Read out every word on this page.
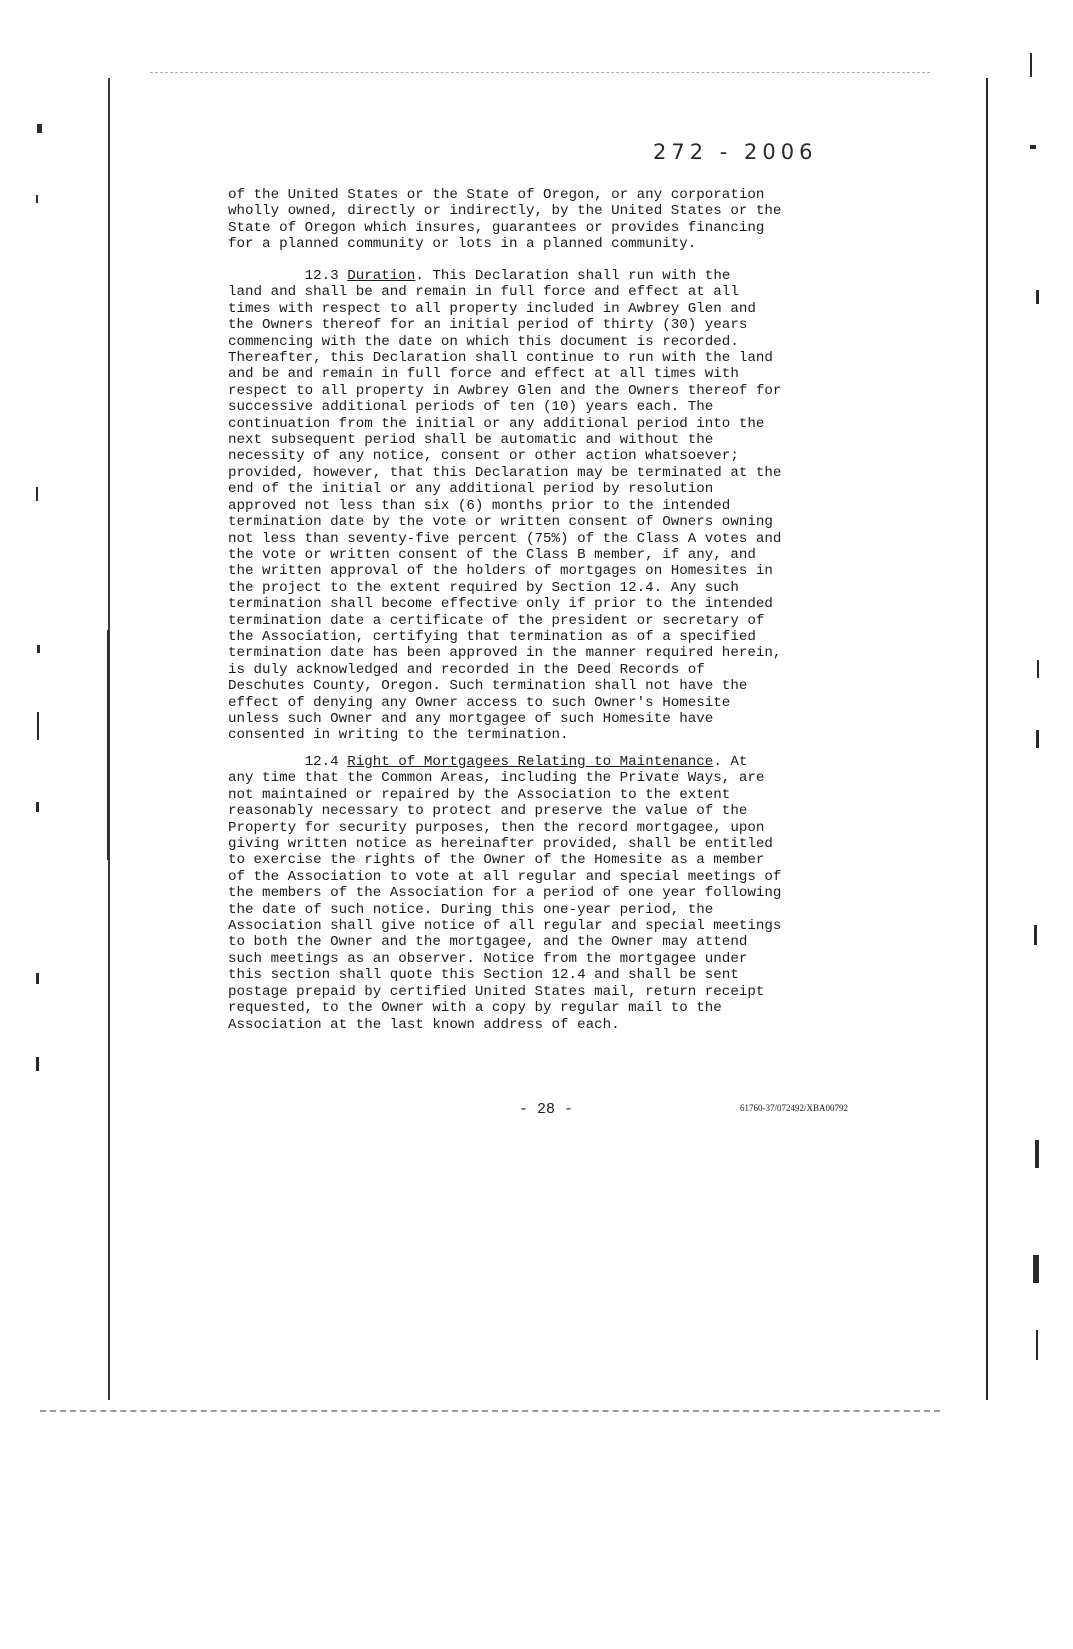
272 - 2006
of the United States or the State of Oregon, or any corporation
wholly owned, directly or indirectly, by the United States or the
State of Oregon which insures, guarantees or provides financing
for a planned community or lots in a planned community.
12.3 Duration. This Declaration shall run with the
land and shall be and remain in full force and effect at all
times with respect to all property included in Awbrey Glen and
the Owners thereof for an initial period of thirty (30) years
commencing with the date on which this document is recorded.
Thereafter, this Declaration shall continue to run with the land
and be and remain in full force and effect at all times with
respect to all property in Awbrey Glen and the Owners thereof for
successive additional periods of ten (10) years each. The
continuation from the initial or any additional period into the
next subsequent period shall be automatic and without the
necessity of any notice, consent or other action whatsoever;
provided, however, that this Declaration may be terminated at the
end of the initial or any additional period by resolution
approved not less than six (6) months prior to the intended
termination date by the vote or written consent of Owners owning
not less than seventy-five percent (75%) of the Class A votes and
the vote or written consent of the Class B member, if any, and
the written approval of the holders of mortgages on Homesites in
the project to the extent required by Section 12.4. Any such
termination shall become effective only if prior to the intended
termination date a certificate of the president or secretary of
the Association, certifying that termination as of a specified
termination date has been approved in the manner required herein,
is duly acknowledged and recorded in the Deed Records of
Deschutes County, Oregon. Such termination shall not have the
effect of denying any Owner access to such Owner's Homesite
unless such Owner and any mortgagee of such Homesite have
consented in writing to the termination.
12.4 Right of Mortgagees Relating to Maintenance. At
any time that the Common Areas, including the Private Ways, are
not maintained or repaired by the Association to the extent
reasonably necessary to protect and preserve the value of the
Property for security purposes, then the record mortgagee, upon
giving written notice as hereinafter provided, shall be entitled
to exercise the rights of the Owner of the Homesite as a member
of the Association to vote at all regular and special meetings of
the members of the Association for a period of one year following
the date of such notice. During this one-year period, the
Association shall give notice of all regular and special meetings
to both the Owner and the mortgagee, and the Owner may attend
such meetings as an observer. Notice from the mortgagee under
this section shall quote this Section 12.4 and shall be sent
postage prepaid by certified United States mail, return receipt
requested, to the Owner with a copy by regular mail to the
Association at the last known address of each.
- 28 -	61760-37/072492/XBA00792
